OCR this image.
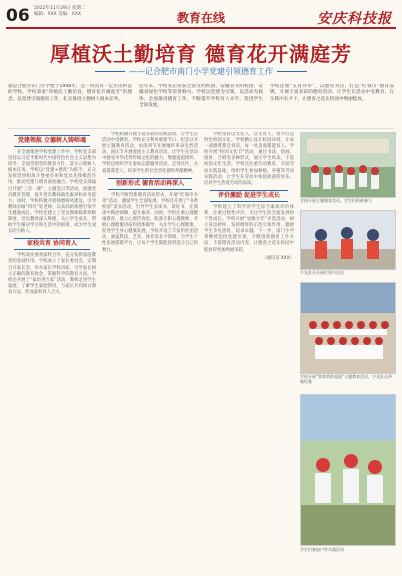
06 2022年11月29日 星期二
编辑：XXX 美编：XXX	教育在线	安庆科技报
厚植沃土勤培育 德育花开满庭芳
——记合肥市南门小学党建引领德育工作
都是合肥市东门小学建于1948年，是一所具有一定历史积淀的学校。学校秉承“厚植沃土勤培育，德育花开满庭芳”的理念，以党建引领德育工作，扎实推进立德树人根本任务。
近年来，学校先后荣获全国文明校园、安徽省文明校园、安徽省绿色学校等荣誉称号。学校以党建为引领，以活动为载体，全面推进德育工作，不断提升学校育人水平，促进学生全面发展。
学校注重“五育并举”，以德育为首，打造“红领巾”德育品牌，开展丰富多彩的德育活动，让学生在活动中受教育、在实践中长才干，让德育之花在校园中绚丽绽放。
党建领航 立德树人铸师魂

在全面推进学校党建工作中，学校党支部坚持以习近平新时代中国特色社会主义思想为指导，全面贯彻党的教育方针，落实立德树人根本任务。学校以“党建+德育”为抓手，充分发挥党组织战斗堡垒作用和党员先锋模范作用，推动党建与德育深度融合。学校党支部通过开展“三会一课”、主题党日等活动，加强党员教育管理，提升党员教师政治素养和业务能力。同时，学校积极开展师德师风建设，引导教师争做“四有”好老师，以高尚的师德引领学生健康成长。学校还建立了党员教师联系班级制度，党员教师深入班级，关心学生成长，帮助学生解决学习和生活中的困难，成为学生成长的引路人。

家校共育 协同育人

学校高度重视家校合作，充分发挥家庭教育的基础作用。学校成立了家长委员会，定期召开家长会，举办家长学校讲座，引导家长树立正确的教育观念，掌握科学的教育方法。学校还开展了“家访进万家”活动，教师走进学生家庭，了解学生家庭情况，与家长共同探讨教育方法，形成家校育人合力。

学校积极开展丰富多彩的实践活动，让学生在活动中受教育。学校充分利用重要节日、纪念日开展主题教育活动，如清明节开展缅怀革命先烈活动，国庆节开展爱国主义教育活动，让学生在活动中感受中华优秀传统文化的魅力，增强爱国情怀。学校还组织学生参加志愿服务活动，走进社区，关爱孤寡老人，培养学生的社会责任感和奉献精神。

创新形式 德育活动再深入

学校不断创新德育活动形式，开展“红领巾争章”活动，激励学生全面发展。学校还开展了“书香校园”读书活动，引导学生多读书、读好书，在阅读中陶冶情操、提升素养。同时，学校注重心理健康教育，建立心理咨询室，配备专职心理教师，开展心理健康讲座和团体辅导，关注学生心理健康，促进学生身心健康发展。学校开设了丰富的社团活动，涵盖科技、艺术、体育等多个领域，为学生个性发展搭建平台，让每个学生都能找到适合自己的舞台。

学校坚持以文化人，以文育人，着力打造特色校园文化。学校精心设计校园环境，让每一面墙壁都会说话，每一处景观都能育人。学校开展“校园文化节”活动，通过书法、绘画、演讲、合唱等多种形式，展示学生风采，丰富校园文化生活。学校还注重劳动教育，开辟劳动实践基地，组织学生参加种植、养殖等劳动实践活动，让学生在劳动中体验收获的快乐，培养学生热爱劳动的品质。

评价激励 促进学生成长

学校建立了科学的学生综合素质评价体系，注重过程性评价，关注学生的全面发展和个性成长。学校开展“星级少年”评选活动，树立身边榜样，发挥榜样的示范引领作用，激励学生争先创优、追求卓越。下一步，南门小学将继续坚持党建引领，不断创新德育工作方法，丰富德育活动内容，让德育之花在校园中绽放得更加绚丽多彩。

（通讯员 XXX）

学校开展主题德育活动，学生们积极参与
少先队员开展红领巾活动
学校开展“我和我的祖国”主题教育活动，少先队员齐唱红歌
学生们参加户外实践活动
